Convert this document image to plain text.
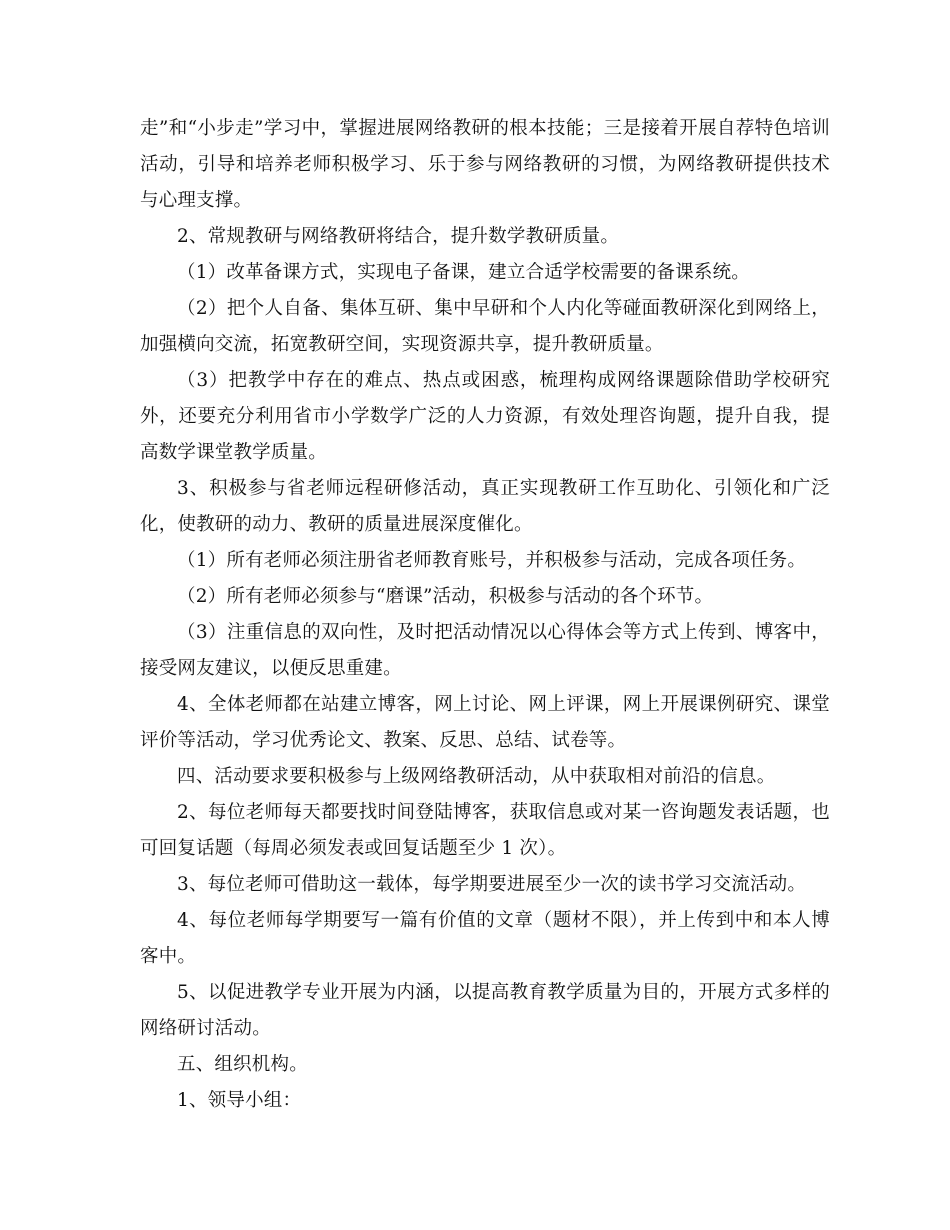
走”和“小步走”学习中，掌握进展网络教研的根本技能；三是接着开展自荐特色培训活动，引导和培养老师积极学习、乐于参与网络教研的习惯，为网络教研提供技术与心理支撑。

2、常规教研与网络教研将结合，提升数学教研质量。

（1）改革备课方式，实现电子备课，建立合适学校需要的备课系统。

（2）把个人自备、集体互研、集中早研和个人内化等碰面教研深化到网络上，加强横向交流，拓宽教研空间，实现资源共享，提升教研质量。

（3）把教学中存在的难点、热点或困惑，梳理构成网络课题除借助学校研究外，还要充分利用省市小学数学广泛的人力资源，有效处理咨询题，提升自我，提高数学课堂教学质量。

3、积极参与省老师远程研修活动，真正实现教研工作互助化、引领化和广泛化，使教研的动力、教研的质量进展深度催化。

（1）所有老师必须注册省老师教育账号，并积极参与活动，完成各项任务。

（2）所有老师必须参与“磨课”活动，积极参与活动的各个环节。

（3）注重信息的双向性，及时把活动情况以心得体会等方式上传到、博客中，接受网友建议，以便反思重建。

4、全体老师都在站建立博客，网上讨论、网上评课，网上开展课例研究、课堂评价等活动，学习优秀论文、教案、反思、总结、试卷等。

四、活动要求要积极参与上级网络教研活动，从中获取相对前沿的信息。

2、每位老师每天都要找时间登陆博客，获取信息或对某一咨询题发表话题，也可回复话题（每周必须发表或回复话题至少 1 次）。

3、每位老师可借助这一载体，每学期要进展至少一次的读书学习交流活动。

4、每位老师每学期要写一篇有价值的文章（题材不限），并上传到中和本人博客中。

5、以促进教学专业开展为内涵，以提高教育教学质量为目的，开展方式多样的网络研讨活动。

五、组织机构。

1、领导小组：
